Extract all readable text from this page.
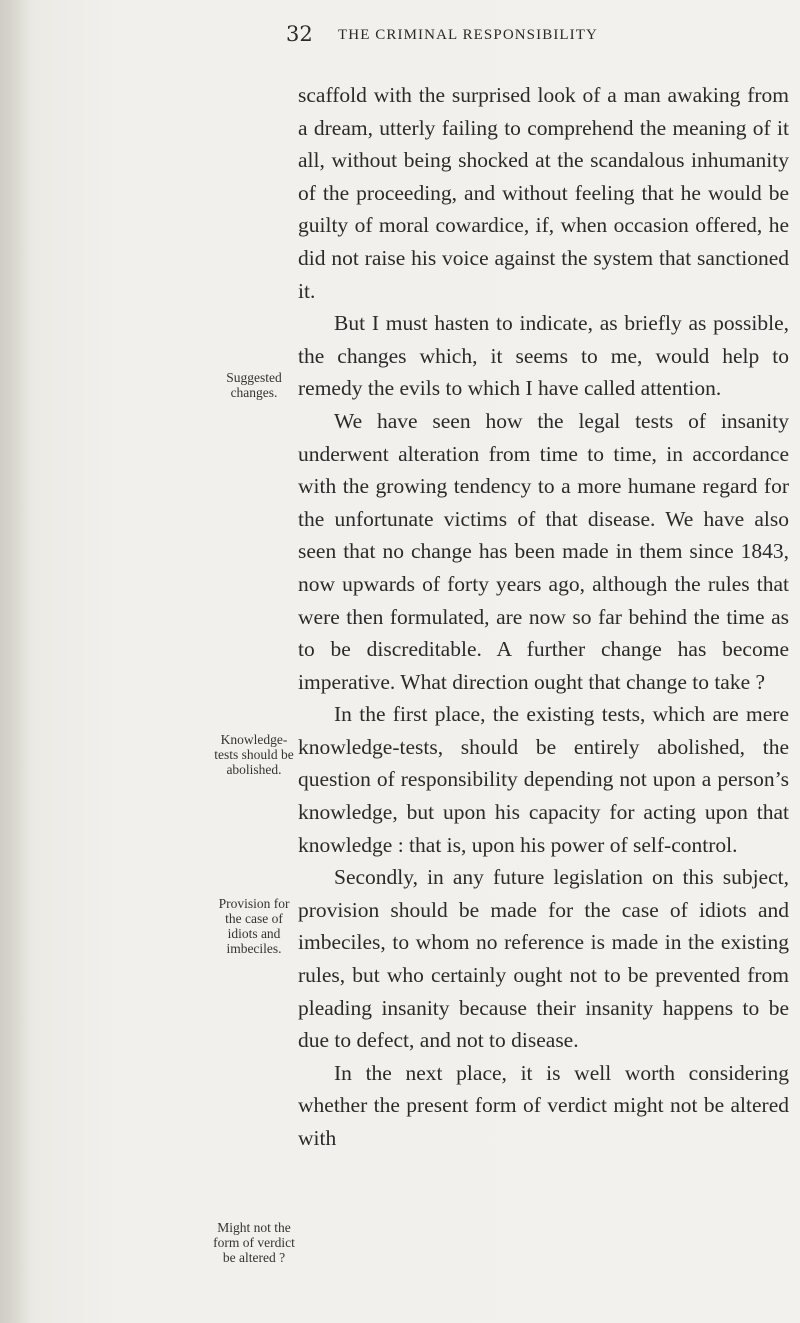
32 THE CRIMINAL RESPONSIBILITY

scaffold with the surprised look of a man awaking from a dream, utterly failing to comprehend the meaning of it all, without being shocked at the scandalous inhumanity of the proceeding, and without feeling that he would be guilty of moral cowardice, if, when occasion offered, he did not raise his voice against the system that sanctioned it.

But I must hasten to indicate, as briefly as possible, the changes which, it seems to me, would help to remedy the evils to which I have called attention.

We have seen how the legal tests of insanity underwent alteration from time to time, in accordance with the growing tendency to a more humane regard for the unfortunate victims of that disease. We have also seen that no change has been made in them since 1843, now upwards of forty years ago, although the rules that were then formulated, are now so far behind the time as to be discreditable. A further change has become imperative. What direction ought that change to take ?

In the first place, the existing tests, which are mere knowledge-tests, should be entirely abolished, the question of responsibility depending not upon a person’s knowledge, but upon his capacity for acting upon that knowledge : that is, upon his power of self-control.

Secondly, in any future legislation on this subject, provision should be made for the case of idiots and imbeciles, to whom no reference is made in the existing rules, but who certainly ought not to be prevented from pleading insanity because their insanity happens to be due to defect, and not to disease.

In the next place, it is well worth considering whether the present form of verdict might not be altered with

Suggested changes.
Knowledge-tests should be abolished.
Provision for the case of idiots and imbeciles.
Might not the form of verdict be altered ?
